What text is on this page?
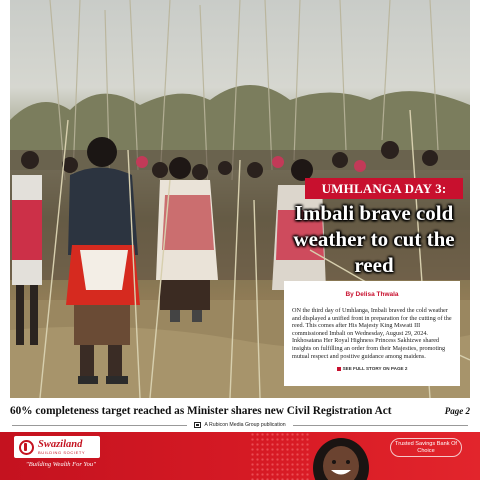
UMHLANGA DAY 3:
Imbali brave cold weather to cut the reed
By Delisa Thwala
ON the third day of Umhlanga, Imbali braved the cold weather and displayed a unified front in preparation for the cutting of the reed. This comes after His Majesty King Mswati III commissioned Imbali on Wednesday, August 29, 2024. Inkhosatana Her Royal Highness Princess Sakhizwe shared insights on fulfilling an order from their Majesties, promoting mutual respect and positive guidance among maidens.
SEE FULL STORY ON PAGE 2
60% completeness target reached as Minister shares new Civil Registration Act	Page 2
A Rubicon Media Group publication
Swaziland
BUILDING SOCIETY
"Building Wealth For You"
Trusted Savings Bank Of Choice
